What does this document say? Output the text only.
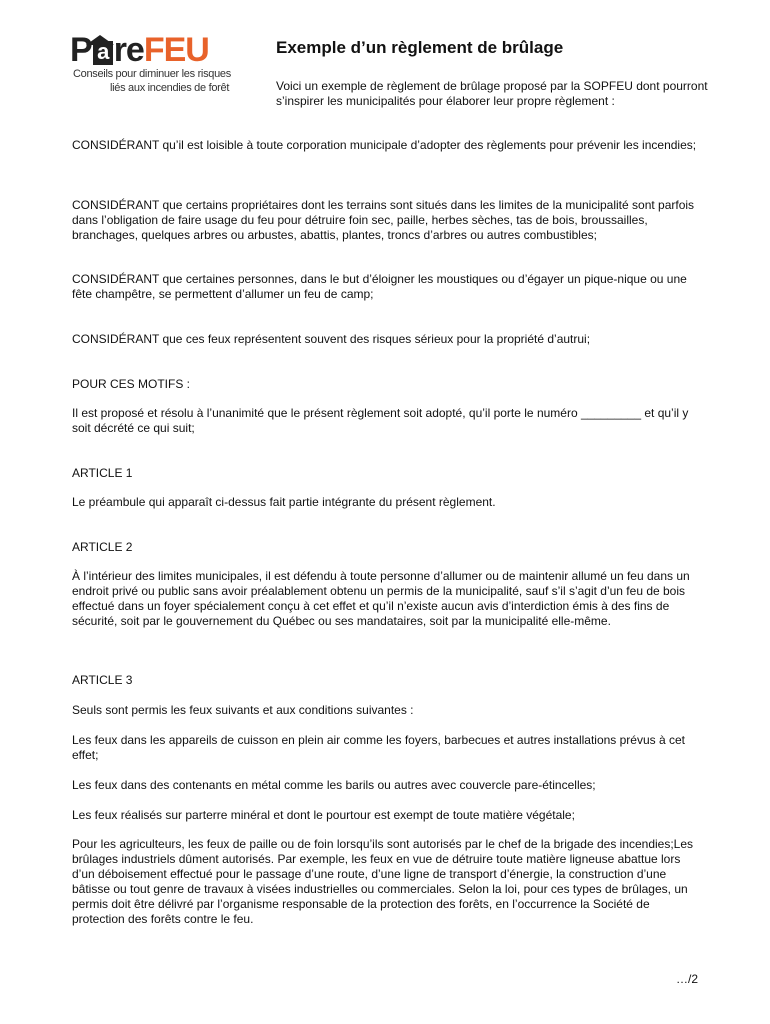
P a reFEU
Conseils pour diminuer les risques
liés aux incendies de forêt
Exemple d’un règlement de brûlage

Voici un exemple de règlement de brûlage proposé par la SOPFEU dont pourront s’inspirer les municipalités pour élaborer leur propre règlement :

CONSIDÉRANT qu’il est loisible à toute corporation municipale d’adopter des règlements pour prévenir les incendies;

CONSIDÉRANT que certains propriétaires dont les terrains sont situés dans les limites de la municipalité sont parfois dans l’obligation de faire usage du feu pour détruire foin sec, paille, herbes sèches, tas de bois, broussailles, branchages, quelques arbres ou arbustes, abattis, plantes, troncs d’arbres ou autres combustibles;

CONSIDÉRANT que certaines personnes, dans le but d’éloigner les moustiques ou d’égayer un pique-nique ou une fête champêtre, se permettent d’allumer un feu de camp;

CONSIDÉRANT que ces feux représentent souvent des risques sérieux pour la propriété d’autrui;

POUR CES MOTIFS :

Il est proposé et résolu à l’unanimité que le présent règlement soit adopté, qu’il porte le numéro _________ et qu’il y soit décrété ce qui suit;

ARTICLE 1

Le préambule qui apparaît ci-dessus fait partie intégrante du présent règlement.

ARTICLE 2

À l’intérieur des limites municipales, il est défendu à toute personne d’allumer ou de maintenir allumé un feu dans un endroit privé ou public sans avoir préalablement obtenu un permis de la municipalité, sauf s’il s’agit d’un feu de bois effectué dans un foyer spécialement conçu à cet effet et qu’il n’existe aucun avis d’interdiction émis à des fins de sécurité, soit par le gouvernement du Québec ou ses mandataires, soit par la municipalité elle-même.

ARTICLE 3

Seuls sont permis les feux suivants et aux conditions suivantes :

Les feux dans les appareils de cuisson en plein air comme les foyers, barbecues et autres installations prévus à cet effet;

Les feux dans des contenants en métal comme les barils ou autres avec couvercle pare-étincelles;

Les feux réalisés sur parterre minéral et dont le pourtour est exempt de toute matière végétale;

Pour les agriculteurs, les feux de paille ou de foin lorsqu’ils sont autorisés par le chef de la brigade des incendies;Les brûlages industriels dûment autorisés. Par exemple, les feux en vue de détruire toute matière ligneuse abattue lors d’un déboisement effectué pour le passage d’une route, d’une ligne de transport d’énergie, la construction d’une bâtisse ou tout genre de travaux à visées industrielles ou commerciales. Selon la loi, pour ces types de brûlages, un permis doit être délivré par l’organisme responsable de la protection des forêts, en l’occurrence la Société de protection des forêts contre le feu.

…/2
